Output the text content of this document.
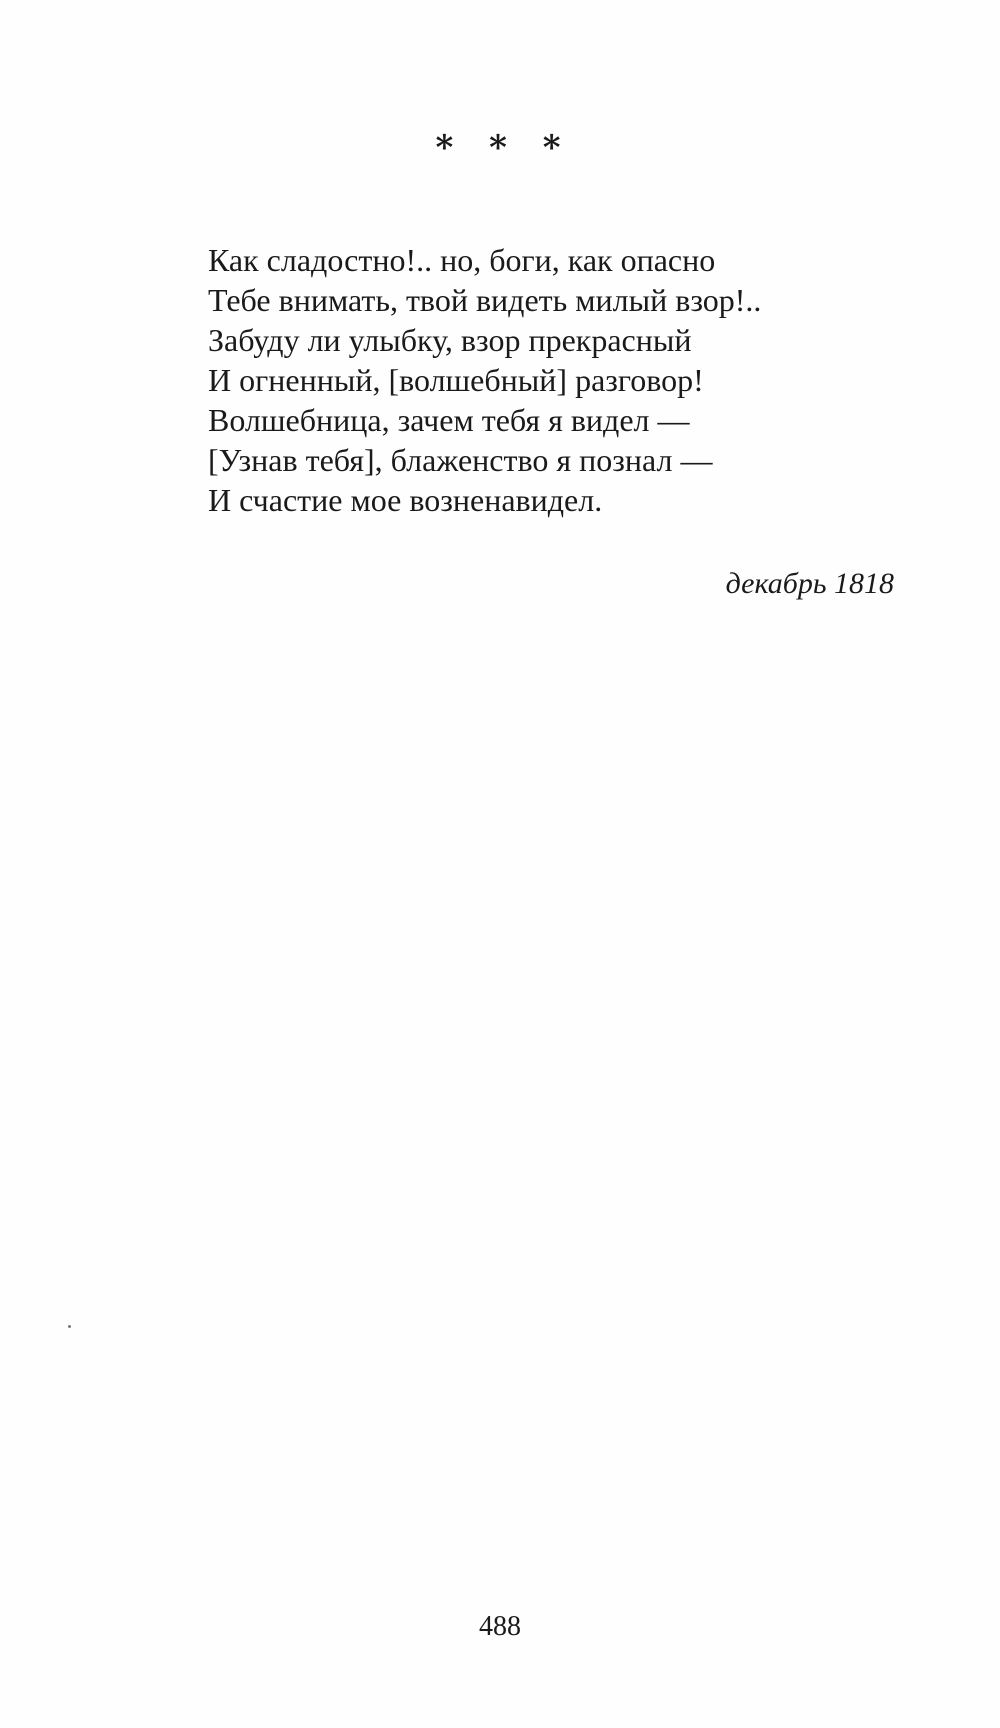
* * *
Как сладостно!.. но, боги, как опасно
Тебе внимать, твой видеть милый взор!..
Забуду ли улыбку, взор прекрасный
И огненный, [волшебный] разговор!
Волшебница, зачем тебя я видел —
[Узнав тебя], блаженство я познал —
И счастие мое возненавидел.
декабрь 1818
488
